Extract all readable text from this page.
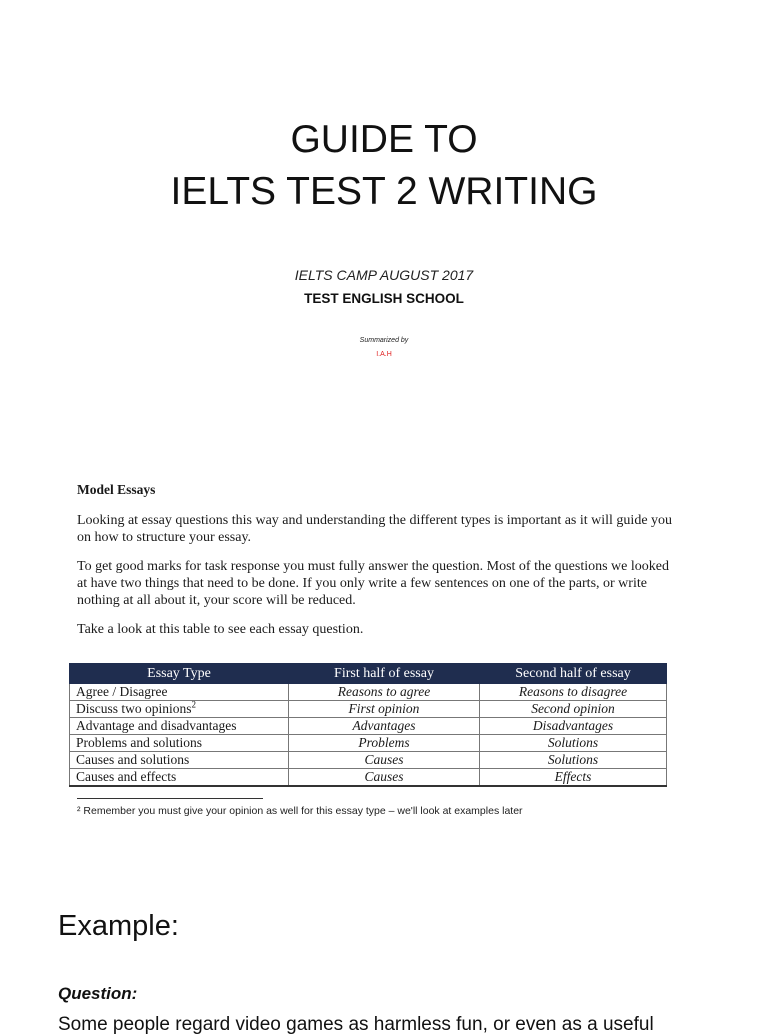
GUIDE TO
IELTS TEST 2 WRITING
IELTS CAMP AUGUST 2017
TEST ENGLISH SCHOOL
Summarized by
I.A.H

Model Essays

Looking at essay questions this way and understanding the different types is important as it will guide you on how to structure your essay.

To get good marks for task response you must fully answer the question. Most of the questions we looked at have two things that need to be done. If you only write a few sentences on one of the parts, or write nothing at all about it, your score will be reduced.

Take a look at this table to see each essay question.

Essay Type	First half of essay	Second half of essay
Agree / Disagree	Reasons to agree	Reasons to disagree
Discuss two opinions$^2$	First opinion	Second opinion
Advantage and disadvantages	Advantages	Disadvantages
Problems and solutions	Problems	Solutions
Causes and solutions	Causes	Solutions
Causes and effects	Causes	Effects
² Remember you must give your opinion as well for this essay type – we'll look at examples later
Example:
Question:
Some people regard video games as harmless fun, or even as a useful
